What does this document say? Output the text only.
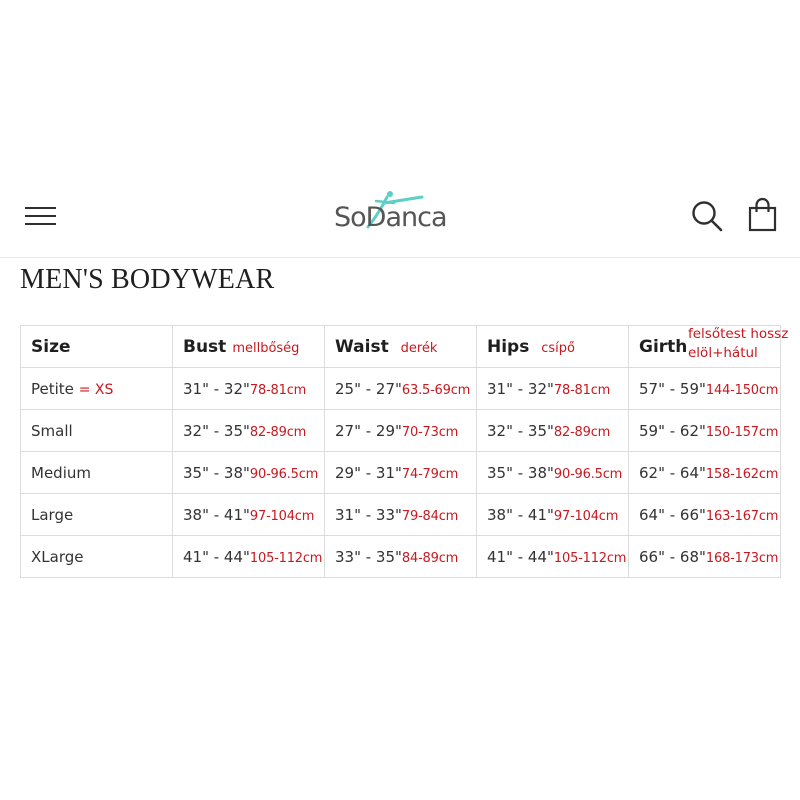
SoDanca
MEN'S BODYWEAR
Size	Bust mellbőség	Waist derék	Hips csípő	Girth
felsőtest hossz
elöl+hátul

Petite = XS	31" - 32"78-81cm	25" - 27"63.5-69cm	31" - 32"78-81cm	57" - 59"144-150cm
Small	32" - 35"82-89cm	27" - 29"70-73cm	32" - 35"82-89cm	59" - 62"150-157cm
Medium	35" - 38"90-96.5cm	29" - 31"74-79cm	35" - 38"90-96.5cm	62" - 64"158-162cm
Large	38" - 41"97-104cm	31" - 33"79-84cm	38" - 41"97-104cm	64" - 66"163-167cm
XLarge	41" - 44"105-112cm	33" - 35"84-89cm	41" - 44"105-112cm	66" - 68"168-173cm
